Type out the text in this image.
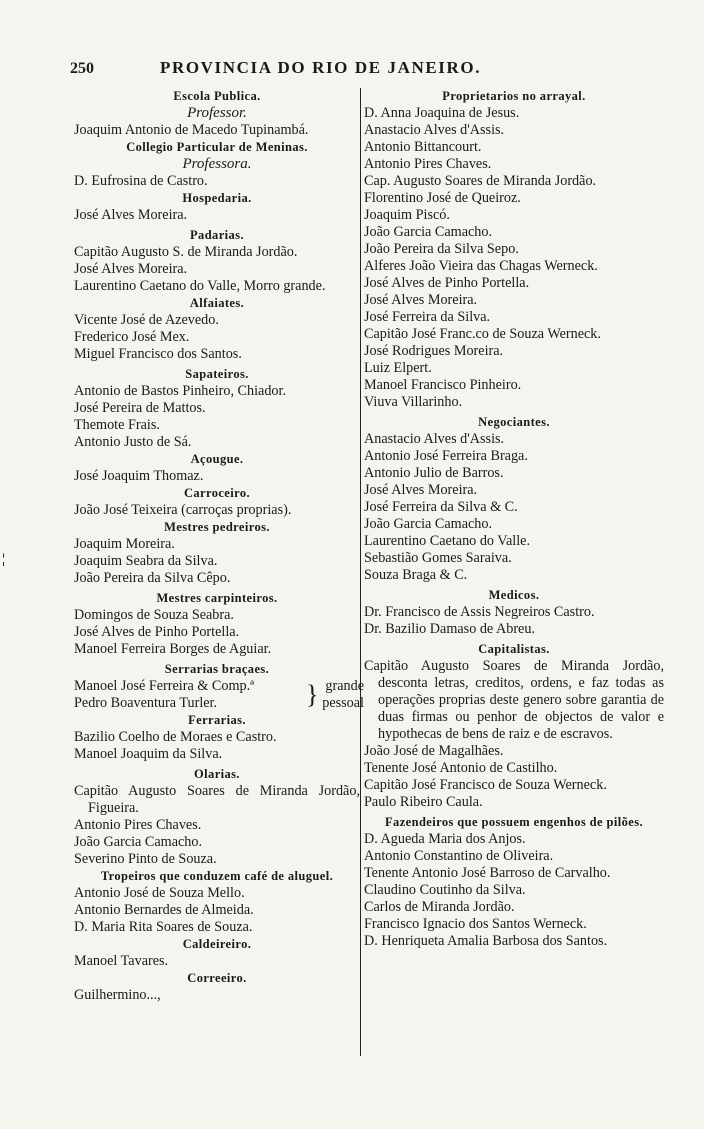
250	PROVINCIA DO RIO DE JANEIRO.
¦
Escola Publica.
Professor.
Joaquim Antonio de Macedo Tupinambá.
Collegio Particular de Meninas.
Professora.
D. Eufrosina de Castro.
Hospedaria.
José Alves Moreira.
Padarias.
Capitão Augusto S. de Miranda Jordão.
José Alves Moreira.
Laurentino Caetano do Valle, Morro grande.
Alfaiates.
Vicente José de Azevedo.
Frederico José Mex.
Miguel Francisco dos Santos.
Sapateiros.
Antonio de Bastos Pinheiro, Chiador.
José Pereira de Mattos.
Themote Frais.
Antonio Justo de Sá.
Açougue.
José Joaquim Thomaz.
Carroceiro.
João José Teixeira (carroças proprias).
Mestres pedreiros.
Joaquim Moreira.
Joaquim Seabra da Silva.
João Pereira da Silva Cêpo.
Mestres carpinteiros.
Domingos de Souza Seabra.
José Alves de Pinho Portella.
Manoel Ferreira Borges de Aguiar.
Serrarias braçaes.
Manoel José Ferreira & Comp.ª
Pedro Boaventura Turler.	} grande
pessoal
Ferrarias.
Bazilio Coelho de Moraes e Castro.
Manoel Joaquim da Silva.
Olarias.
Capitão Augusto Soares de Miranda Jordão, Figueira.
Antonio Pires Chaves.
João Garcia Camacho.
Severino Pinto de Souza.
Tropeiros que conduzem café de aluguel.
Antonio José de Souza Mello.
Antonio Bernardes de Almeida.
D. Maria Rita Soares de Souza.
Caldeireiro.
Manoel Tavares.
Correeiro.
Guilhermino...,
Proprietarios no arrayal.
D. Anna Joaquina de Jesus.
Anastacio Alves d'Assis.
Antonio Bittancourt.
Antonio Pires Chaves.
Cap. Augusto Soares de Miranda Jordão.
Florentino José de Queiroz.
Joaquim Piscó.
João Garcia Camacho.
João Pereira da Silva Sepo.
Alferes João Vieira das Chagas Werneck.
José Alves de Pinho Portella.
José Alves Moreira.
José Ferreira da Silva.
Capitão José Franc.co de Souza Werneck.
José Rodrigues Moreira.
Luiz Elpert.
Manoel Francisco Pinheiro.
Viuva Villarinho.
Negociantes.
Anastacio Alves d'Assis.
Antonio José Ferreira Braga.
Antonio Julio de Barros.
José Alves Moreira.
José Ferreira da Silva & C.
João Garcia Camacho.
Laurentino Caetano do Valle.
Sebastião Gomes Saraiva.
Souza Braga & C.
Medicos.
Dr. Francisco de Assis Negreiros Castro.
Dr. Bazilio Damaso de Abreu.
Capitalistas.
Capitão Augusto Soares de Miranda Jordão, desconta letras, creditos, ordens, e faz todas as operações proprias deste genero sobre garantia de duas firmas ou penhor de objectos de valor e hypothecas de bens de raiz e de escravos.
João José de Magalhães.
Tenente José Antonio de Castilho.
Capitão José Francisco de Souza Werneck.
Paulo Ribeiro Caula.
Fazendeiros que possuem engenhos de pilões.
D. Agueda Maria dos Anjos.
Antonio Constantino de Oliveira.
Tenente Antonio José Barroso de Carvalho.
Claudino Coutinho da Silva.
Carlos de Miranda Jordão.
Francisco Ignacio dos Santos Werneck.
D. Henriqueta Amalia Barbosa dos Santos.
